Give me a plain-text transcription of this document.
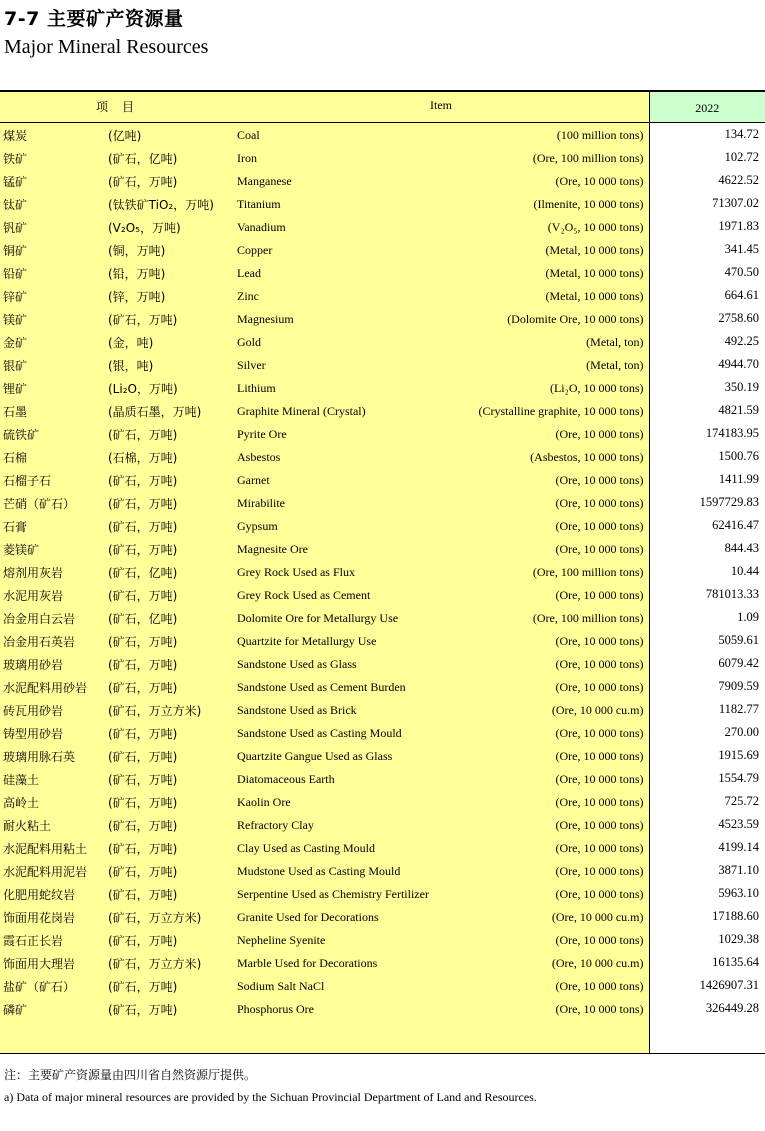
7-7 主要矿产资源量
Major Mineral Resources
项　目 Item	2022

煤炭 (亿吨) Coal (100 million tons)	134.72

铁矿 (矿石，亿吨) Iron (Ore, 100 million tons)	102.72

锰矿 (矿石，万吨) Manganese (Ore, 10 000 tons)	4622.52

钛矿 (钛铁矿TiO₂，万吨) Titanium (Ilmenite, 10 000 tons)	71307.02

钒矿 (V₂O₅，万吨) Vanadium (V₂O₅, 10 000 tons)	1971.83

铜矿 (铜，万吨) Copper (Metal, 10 000 tons)	341.45

铅矿 (铅，万吨) Lead (Metal, 10 000 tons)	470.50

锌矿 (锌，万吨) Zinc (Metal, 10 000 tons)	664.61

镁矿 (矿石，万吨) Magnesium (Dolomite Ore, 10 000 tons)	2758.60

金矿 (金，吨) Gold (Metal, ton)	492.25

银矿 (银，吨) Silver (Metal, ton)	4944.70

锂矿 (Li₂O，万吨) Lithium (Li₂O, 10 000 tons)	350.19

石墨 (晶质石墨，万吨) Graphite Mineral (Crystal) (Crystalline graphite, 10 000 tons)	4821.59

硫铁矿 (矿石，万吨) Pyrite Ore (Ore, 10 000 tons)	174183.95

石棉 (石棉，万吨) Asbestos (Asbestos, 10 000 tons)	1500.76

石榴子石 (矿石，万吨) Garnet (Ore, 10 000 tons)	1411.99

芒硝（矿石） (矿石，万吨) Mirabilite (Ore, 10 000 tons)	1597729.83

石膏 (矿石，万吨) Gypsum (Ore, 10 000 tons)	62416.47

菱镁矿 (矿石，万吨) Magnesite Ore (Ore, 10 000 tons)	844.43

熔剂用灰岩 (矿石，亿吨) Grey Rock Used as Flux (Ore, 100 million tons)	10.44

水泥用灰岩 (矿石，万吨) Grey Rock Used as Cement (Ore, 10 000 tons)	781013.33

冶金用白云岩 (矿石，亿吨) Dolomite Ore for Metallurgy Use (Ore, 100 million tons)	1.09

冶金用石英岩 (矿石，万吨) Quartzite for Metallurgy Use (Ore, 10 000 tons)	5059.61

玻璃用砂岩 (矿石，万吨) Sandstone Used as Glass (Ore, 10 000 tons)	6079.42

水泥配料用砂岩 (矿石，万吨) Sandstone Used as Cement Burden (Ore, 10 000 tons)	7909.59

砖瓦用砂岩 (矿石，万立方米) Sandstone Used as Brick (Ore, 10 000 cu.m)	1182.77

铸型用砂岩 (矿石，万吨) Sandstone Used as Casting Mould (Ore, 10 000 tons)	270.00

玻璃用脉石英 (矿石，万吨) Quartzite Gangue Used as Glass (Ore, 10 000 tons)	1915.69

硅藻土 (矿石，万吨) Diatomaceous Earth (Ore, 10 000 tons)	1554.79

高岭土 (矿石，万吨) Kaolin Ore (Ore, 10 000 tons)	725.72

耐火粘土 (矿石，万吨) Refractory Clay (Ore, 10 000 tons)	4523.59

水泥配料用粘土 (矿石，万吨) Clay Used as Casting Mould (Ore, 10 000 tons)	4199.14

水泥配料用泥岩 (矿石，万吨) Mudstone Used as Casting Mould (Ore, 10 000 tons)	3871.10

化肥用蛇纹岩 (矿石，万吨) Serpentine Used as Chemistry Fertilizer (Ore, 10 000 tons)	5963.10

饰面用花岗岩 (矿石，万立方米) Granite Used for Decorations (Ore, 10 000 cu.m)	17188.60

霞石正长岩 (矿石，万吨) Nepheline Syenite (Ore, 10 000 tons)	1029.38

饰面用大理岩 (矿石，万立方米) Marble Used for Decorations (Ore, 10 000 cu.m)	16135.64

盐矿（矿石） (矿石，万吨) Sodium Salt NaCl (Ore, 10 000 tons)	1426907.31

磷矿 (矿石，万吨) Phosphorus Ore (Ore, 10 000 tons)	326449.28

注：主要矿产资源量由四川省自然资源厅提供。
a) Data of major mineral resources are provided by the Sichuan Provincial Department of Land and Resources.
